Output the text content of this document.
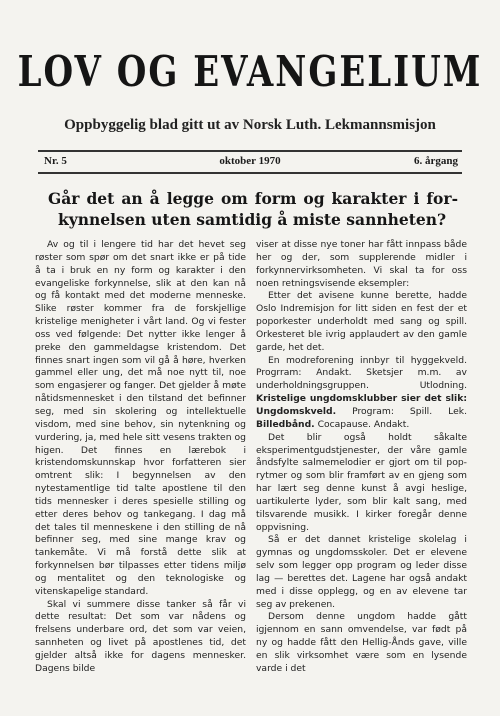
LOV OG EVANGELIUM
Oppbyggelig blad gitt ut av Norsk Luth. Lekmannsmisjon
Nr. 5	oktober 1970	6. årgang
Går det an å legge om form og karakter i for-
kynnelsen uten samtidig å miste sannheten?

Av og til i lengere tid har det hevet seg røster som spør om det snart ikke er på tide å ta i bruk en ny form og karakter i den evangeliske forkynnelse, slik at den kan nå og få kontakt med det moderne menneske. Slike røster kommer fra de forskjellige kristelige menigheter i vårt land. Og vi fester oss ved følgende: Det nytter ikke lenger å preke den gammeldagse kristendom. Det finnes snart ingen som vil gå å høre, hverken gammel eller ung, det må noe nytt til, noe som engasjerer og fanger. Det gjelder å møte nåtidsmennesket i den tilstand det befinner seg, med sin skolering og intellektuelle visdom, med sine behov, sin nytenkning og vurdering, ja, med hele sitt vesens trakten og higen. Det finnes en lærebok i kristendomskunnskap hvor forfatteren sier omtrent slik: I begynnelsen av den nytestamentlige tid talte apostlene til den tids mennesker i deres spesielle stilling og etter deres behov og tankegang. I dag må det tales til menneskene i den stilling de nå befinner seg, med sine mange krav og tankemåte. Vi må forstå dette slik at forkynnelsen bør tilpasses etter tidens miljø og mentalitet og den teknologiske og vitenskapelige standard.

Skal vi summere disse tanker så får vi dette resultat: Det som var nådens og frelsens underbare ord, det som var veien, sannheten og livet på apostlenes tid, det gjelder altså ikke for dagens mennesker. Dagens bilde

viser at disse nye toner har fått innpass både her og der, som supplerende midler i forkynnervirksomheten. Vi skal ta for oss noen retningsvisende eksempler:

Etter det avisene kunne berette, hadde Oslo Indremisjon for litt siden en fest der et poporkester underholdt med sang og spill. Orkesteret ble ivrig applaudert av den gamle garde, het det.

En modreforening innbyr til hyggekveld. Progrram: Andakt. Sketsjer m.m. av underholdningsgruppen. Utlodning. Kristelige ungdomsklubber sier det slik: Ungdomskveld. Program: Spill. Lek. Billedbånd. Cocapause. Andakt.

Det blir også holdt såkalte eksperimentgudstjenester, der våre gamle åndsfylte salmemelodier er gjort om til pop-rytmer og som blir framført av en gjeng som har lært seg denne kunst å avgi heslige, uartikulerte lyder, som blir kalt sang, med tilsvarende musikk. I kirker foregår denne oppvisning.

Så er det dannet kristelige skolelag i gymnas og ungdomsskoler. Det er elevene selv som legger opp program og leder disse lag — berettes det. Lagene har også andakt med i disse opplegg, og en av elevene tar seg av prekenen.

Dersom denne ungdom hadde gått igjennom en sann omvendelse, var født på ny og hadde fått den Hellig-Ånds gave, ville en slik virksomhet være som en lysende varde i det
